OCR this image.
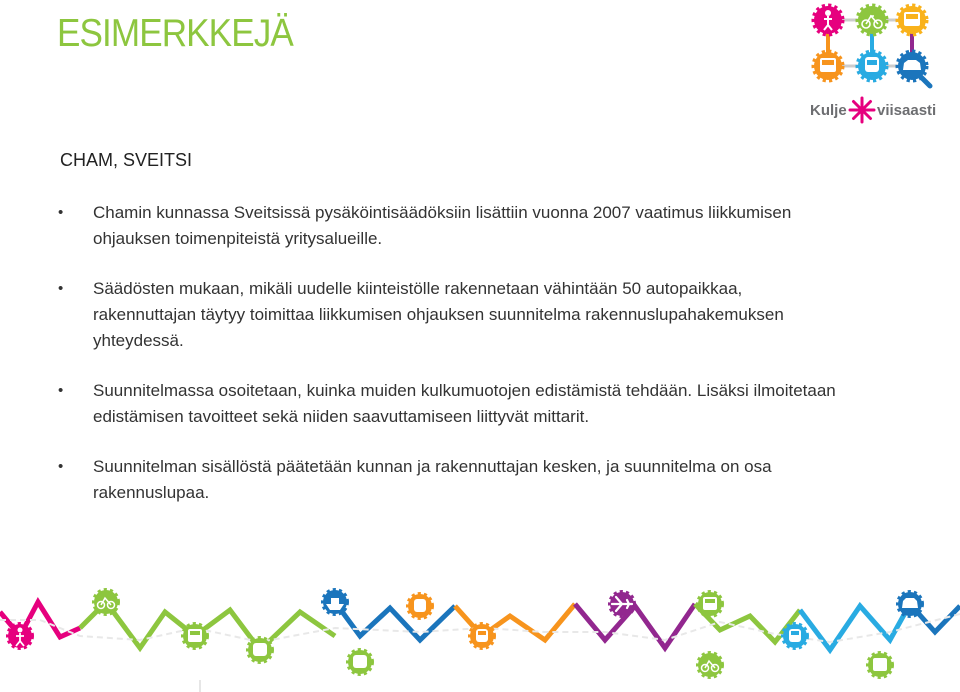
ESIMERKKEJÄ
CHAM, SVEITSI
• Chamin kunnassa Sveitsissä pysäköintisäädöksiin lisättiin vuonna 2007 vaatimus liikkumisen ohjauksen toimenpiteistä yritysalueille.
• Säädösten mukaan, mikäli uudelle kiinteistölle rakennetaan vähintään 50 autopaikkaa, rakennuttajan täytyy toimittaa liikkumisen ohjauksen suunnitelma rakennuslupahakemuksen yhteydessä.
• Suunnitelmassa osoitetaan, kuinka muiden kulkumuotojen edistämistä tehdään. Lisäksi ilmoitetaan edistämisen tavoitteet sekä niiden saavuttamiseen liittyvät mittarit.
• Suunnitelman sisällöstä päätetään kunnan ja rakennuttajan kesken, ja suunnitelma on osa rakennuslupaa.
Kulje viisaasti
